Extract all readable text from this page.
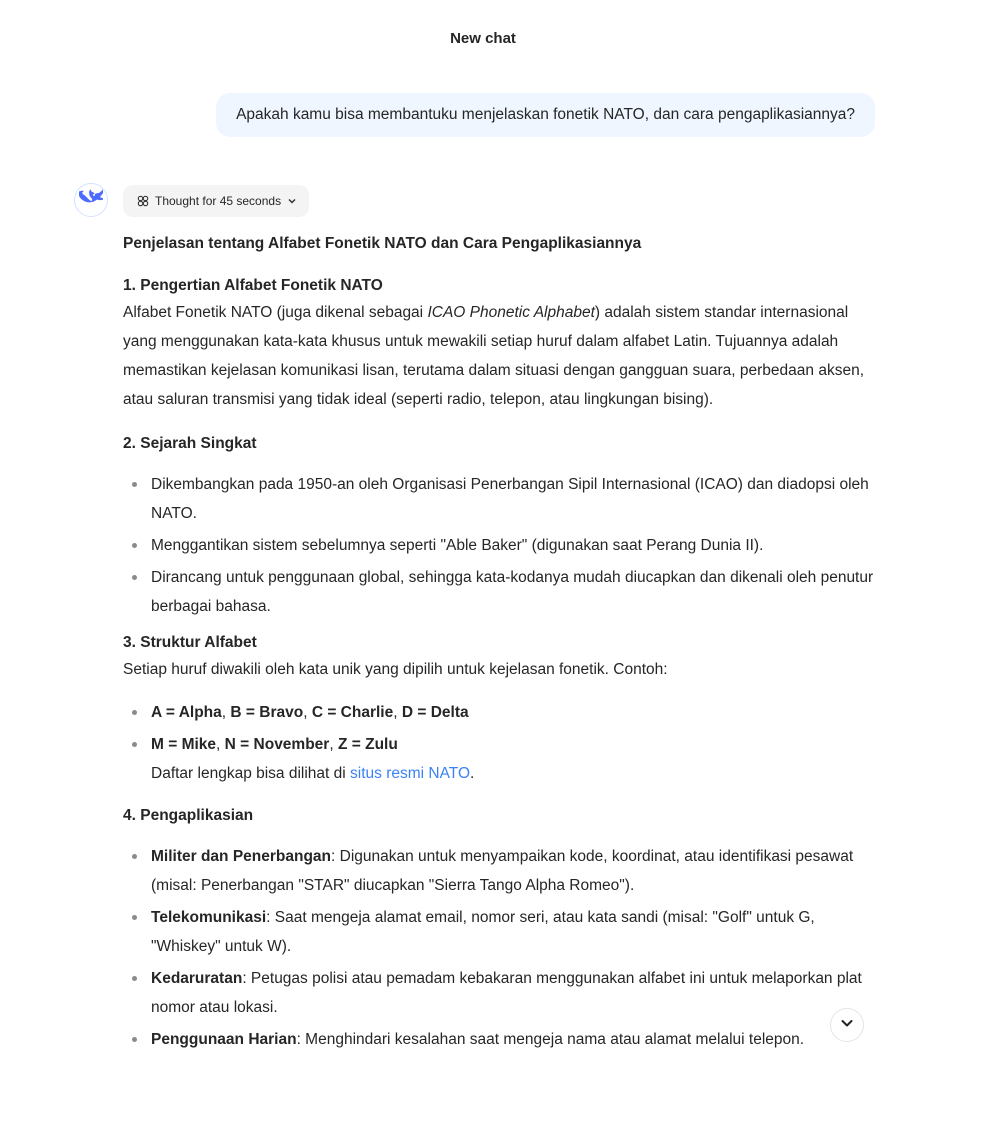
New chat
Apakah kamu bisa membantuku menjelaskan fonetik NATO, dan cara pengaplikasiannya?
Thought for 45 seconds
Penjelasan tentang Alfabet Fonetik NATO dan Cara Pengaplikasiannya
1. Pengertian Alfabet Fonetik NATO

Alfabet Fonetik NATO (juga dikenal sebagai ICAO Phonetic Alphabet) adalah sistem standar internasional yang menggunakan kata-kata khusus untuk mewakili setiap huruf dalam alfabet Latin. Tujuannya adalah memastikan kejelasan komunikasi lisan, terutama dalam situasi dengan gangguan suara, perbedaan aksen, atau saluran transmisi yang tidak ideal (seperti radio, telepon, atau lingkungan bising).

2. Sejarah Singkat
Dikembangkan pada 1950-an oleh Organisasi Penerbangan Sipil Internasional (ICAO) dan diadopsi oleh NATO.
Menggantikan sistem sebelumnya seperti "Able Baker" (digunakan saat Perang Dunia II).
Dirancang untuk penggunaan global, sehingga kata-kodanya mudah diucapkan dan dikenali oleh penutur berbagai bahasa.
3. Struktur Alfabet

Setiap huruf diwakili oleh kata unik yang dipilih untuk kejelasan fonetik. Contoh:

A = Alpha, B = Bravo, C = Charlie, D = Delta
M = Mike, N = November, Z = Zulu
Daftar lengkap bisa dilihat di situs resmi NATO.
4. Pengaplikasian
Militer dan Penerbangan: Digunakan untuk menyampaikan kode, koordinat, atau identifikasi pesawat (misal: Penerbangan "STAR" diucapkan "Sierra Tango Alpha Romeo").
Telekomunikasi: Saat mengeja alamat email, nomor seri, atau kata sandi (misal: "Golf" untuk G, "Whiskey" untuk W).
Kedaruratan: Petugas polisi atau pemadam kebakaran menggunakan alfabet ini untuk melaporkan plat nomor atau lokasi.
Penggunaan Harian: Menghindari kesalahan saat mengeja nama atau alamat melalui telepon.
